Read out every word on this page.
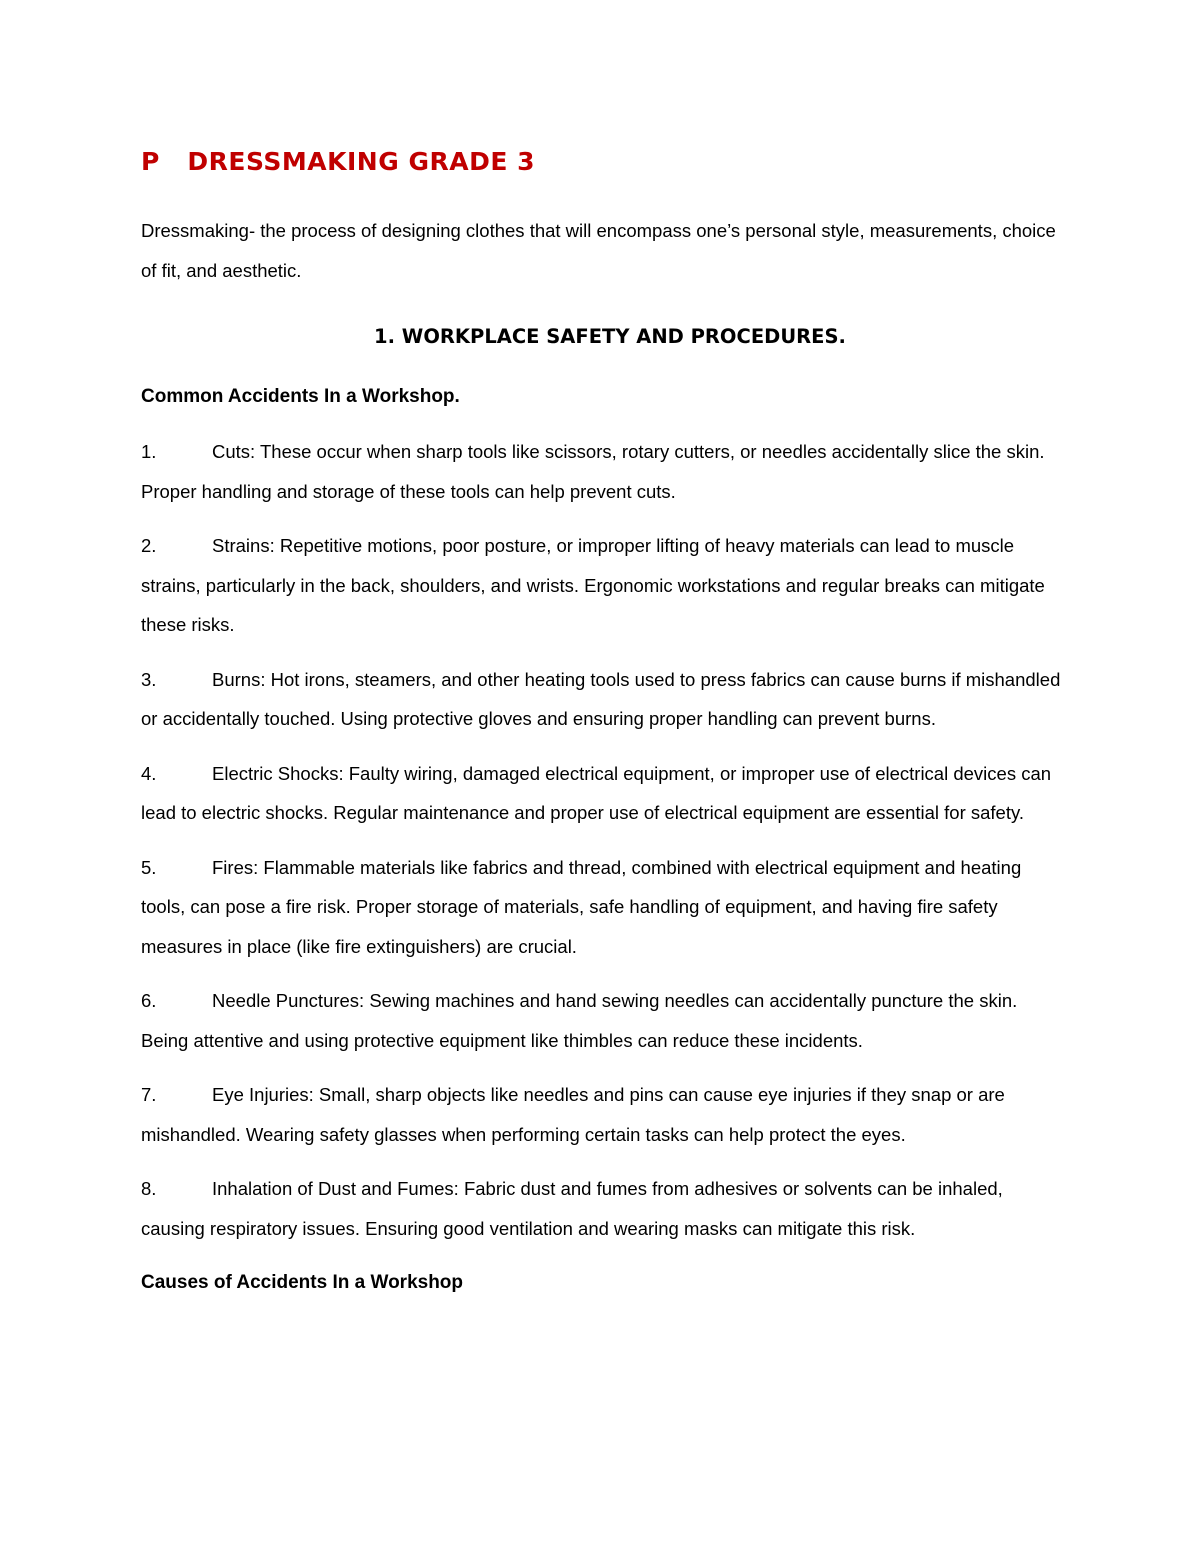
P   DRESSMAKING GRADE 3

Dressmaking- the process of designing clothes that will encompass one’s personal style, measurements, choice of fit, and aesthetic.

1. WORKPLACE SAFETY AND PROCEDURES.
Common Accidents In a Workshop.

1.	Cuts: These occur when sharp tools like scissors, rotary cutters, or needles accidentally slice the skin. Proper handling and storage of these tools can help prevent cuts.

2.	Strains: Repetitive motions, poor posture, or improper lifting of heavy materials can lead to muscle strains, particularly in the back, shoulders, and wrists. Ergonomic workstations and regular breaks can mitigate these risks.

3.	Burns: Hot irons, steamers, and other heating tools used to press fabrics can cause burns if mishandled or accidentally touched. Using protective gloves and ensuring proper handling can prevent burns.

4.	Electric Shocks: Faulty wiring, damaged electrical equipment, or improper use of electrical devices can lead to electric shocks. Regular maintenance and proper use of electrical equipment are essential for safety.

5.	Fires: Flammable materials like fabrics and thread, combined with electrical equipment and heating tools, can pose a fire risk. Proper storage of materials, safe handling of equipment, and having fire safety measures in place (like fire extinguishers) are crucial.

6.	Needle Punctures: Sewing machines and hand sewing needles can accidentally puncture the skin. Being attentive and using protective equipment like thimbles can reduce these incidents.

7.	Eye Injuries: Small, sharp objects like needles and pins can cause eye injuries if they snap or are mishandled. Wearing safety glasses when performing certain tasks can help protect the eyes.

8.	Inhalation of Dust and Fumes: Fabric dust and fumes from adhesives or solvents can be inhaled, causing respiratory issues. Ensuring good ventilation and wearing masks can mitigate this risk.

Causes of Accidents In a Workshop
